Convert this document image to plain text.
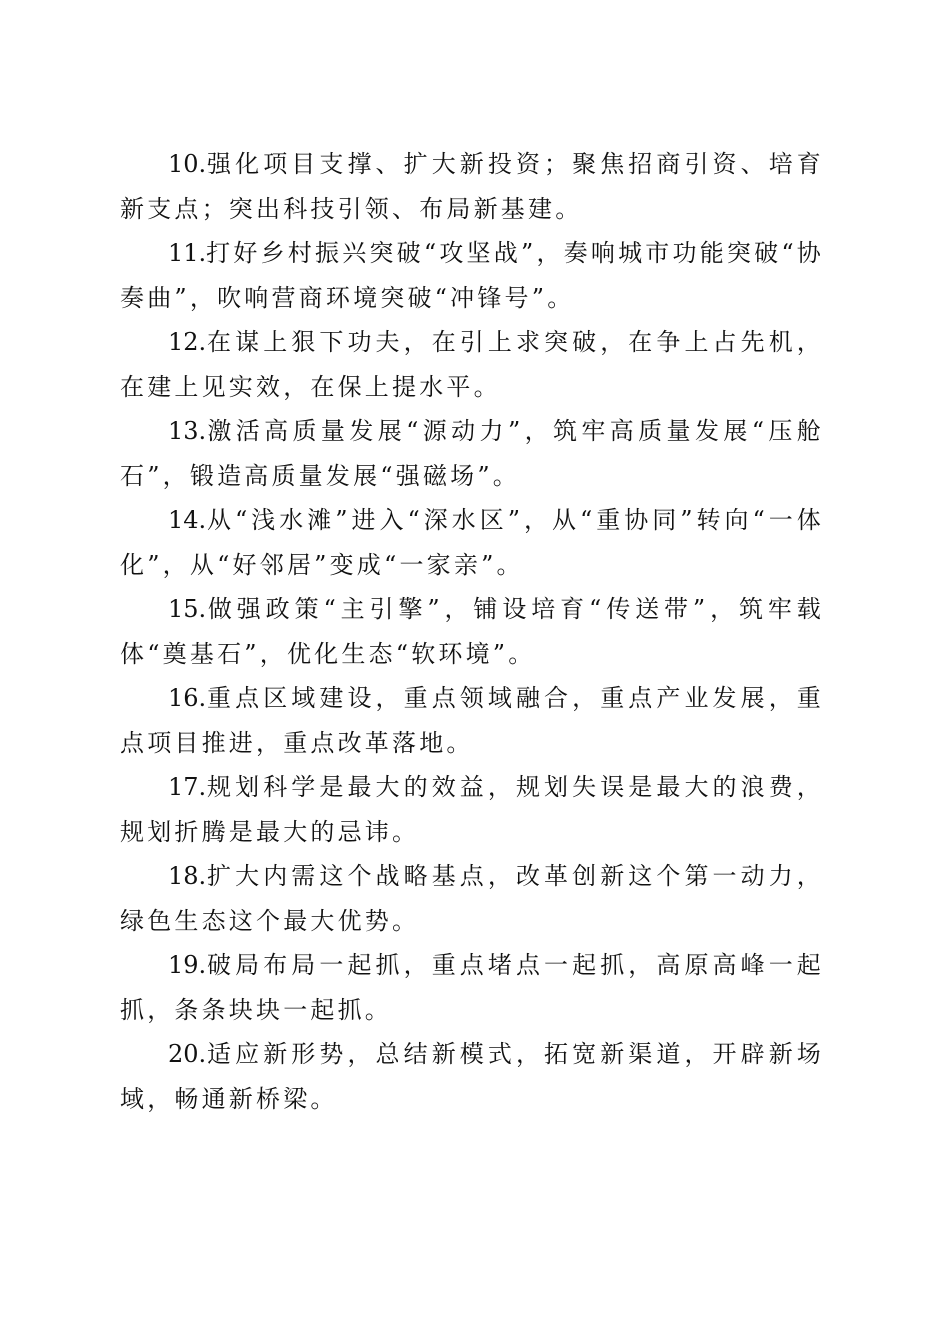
10.强化项目支撑、扩大新投资；聚焦招商引资、培育新支点；突出科技引领、布局新基建。

11.打好乡村振兴突破“攻坚战”，奏响城市功能突破“协奏曲”，吹响营商环境突破“冲锋号”。

12.在谋上狠下功夫，在引上求突破，在争上占先机，在建上见实效，在保上提水平。

13.激活高质量发展“源动力”，筑牢高质量发展“压舱石”，锻造高质量发展“强磁场”。

14.从“浅水滩”进入“深水区”，从“重协同”转向“一体化”，从“好邻居”变成“一家亲”。

15.做强政策“主引擎”，铺设培育“传送带”，筑牢载体“奠基石”，优化生态“软环境”。

16.重点区域建设，重点领域融合，重点产业发展，重点项目推进，重点改革落地。

17.规划科学是最大的效益，规划失误是最大的浪费，规划折腾是最大的忌讳。

18.扩大内需这个战略基点，改革创新这个第一动力，绿色生态这个最大优势。

19.破局布局一起抓，重点堵点一起抓，高原高峰一起抓，条条块块一起抓。

20.适应新形势，总结新模式，拓宽新渠道，开辟新场域，畅通新桥梁。
